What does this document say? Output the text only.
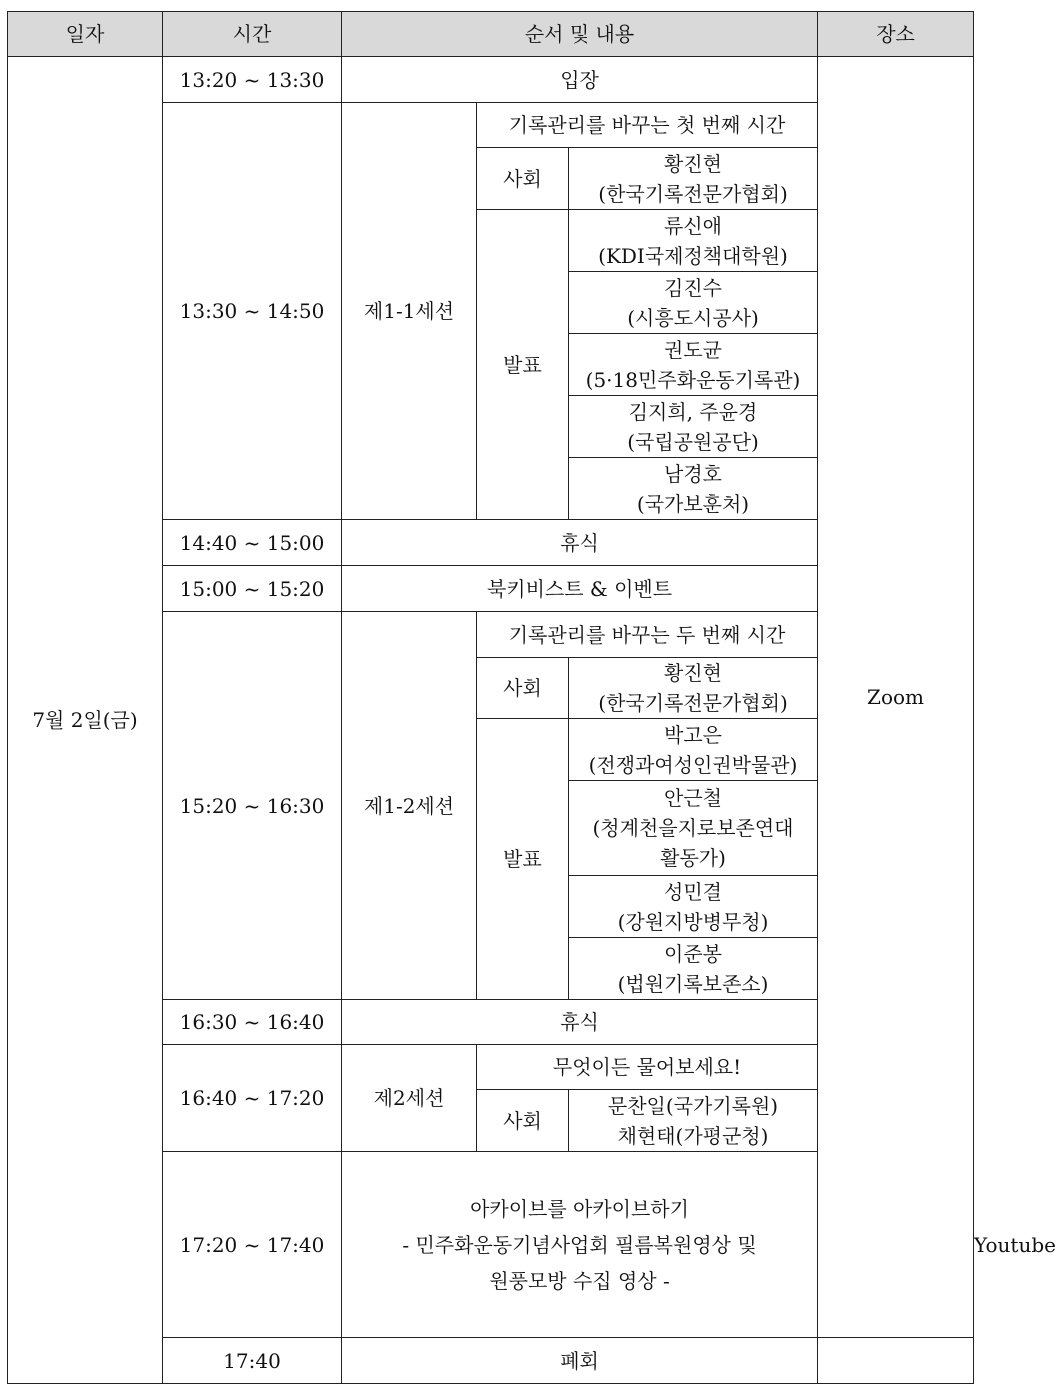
일자	시간	순서 및 내용			장소	
7월 2일(금)	13:20 ~ 13:30	입장			Zoom	
	13:30 ~ 14:50	제1-1세션	기록관리를 바꾸는 첫 번째 시간			
			사회	황진현
(한국기록전문가협회)		

			발표	류신애
(KDI국제정책대학원)		

				김진수
(시흥도시공사)		

				권도균
(5·18민주화운동기록관)		

				김지희, 주윤경
(국립공원공단)		

				남경호
(국가보훈처)		

	14:40 ~ 15:00	휴식				
	15:00 ~ 15:20	북키비스트 & 이벤트				
	15:20 ~ 16:30	제1-2세션	기록관리를 바꾸는 두 번째 시간			
			사회	황진현
(한국기록전문가협회)		

			발표	박고은
(전쟁과여성인권박물관)		

				안근철
(청계천을지로보존연대
활동가)		

				성민결
(강원지방병무청)		

				이준봉
(법원기록보존소)		

	16:30 ~ 16:40	휴식				
	16:40 ~ 17:20	제2세션	무엇이든 물어보세요!			
			사회	문찬일(국가기록원)
채현태(가평군청)		

	17:20 ~ 17:40	아카이브를 아카이브하기
- 민주화운동기념사업회 필름복원영상 및
원풍모방 수집 영상 -				Youtube
	17:40	폐회				
